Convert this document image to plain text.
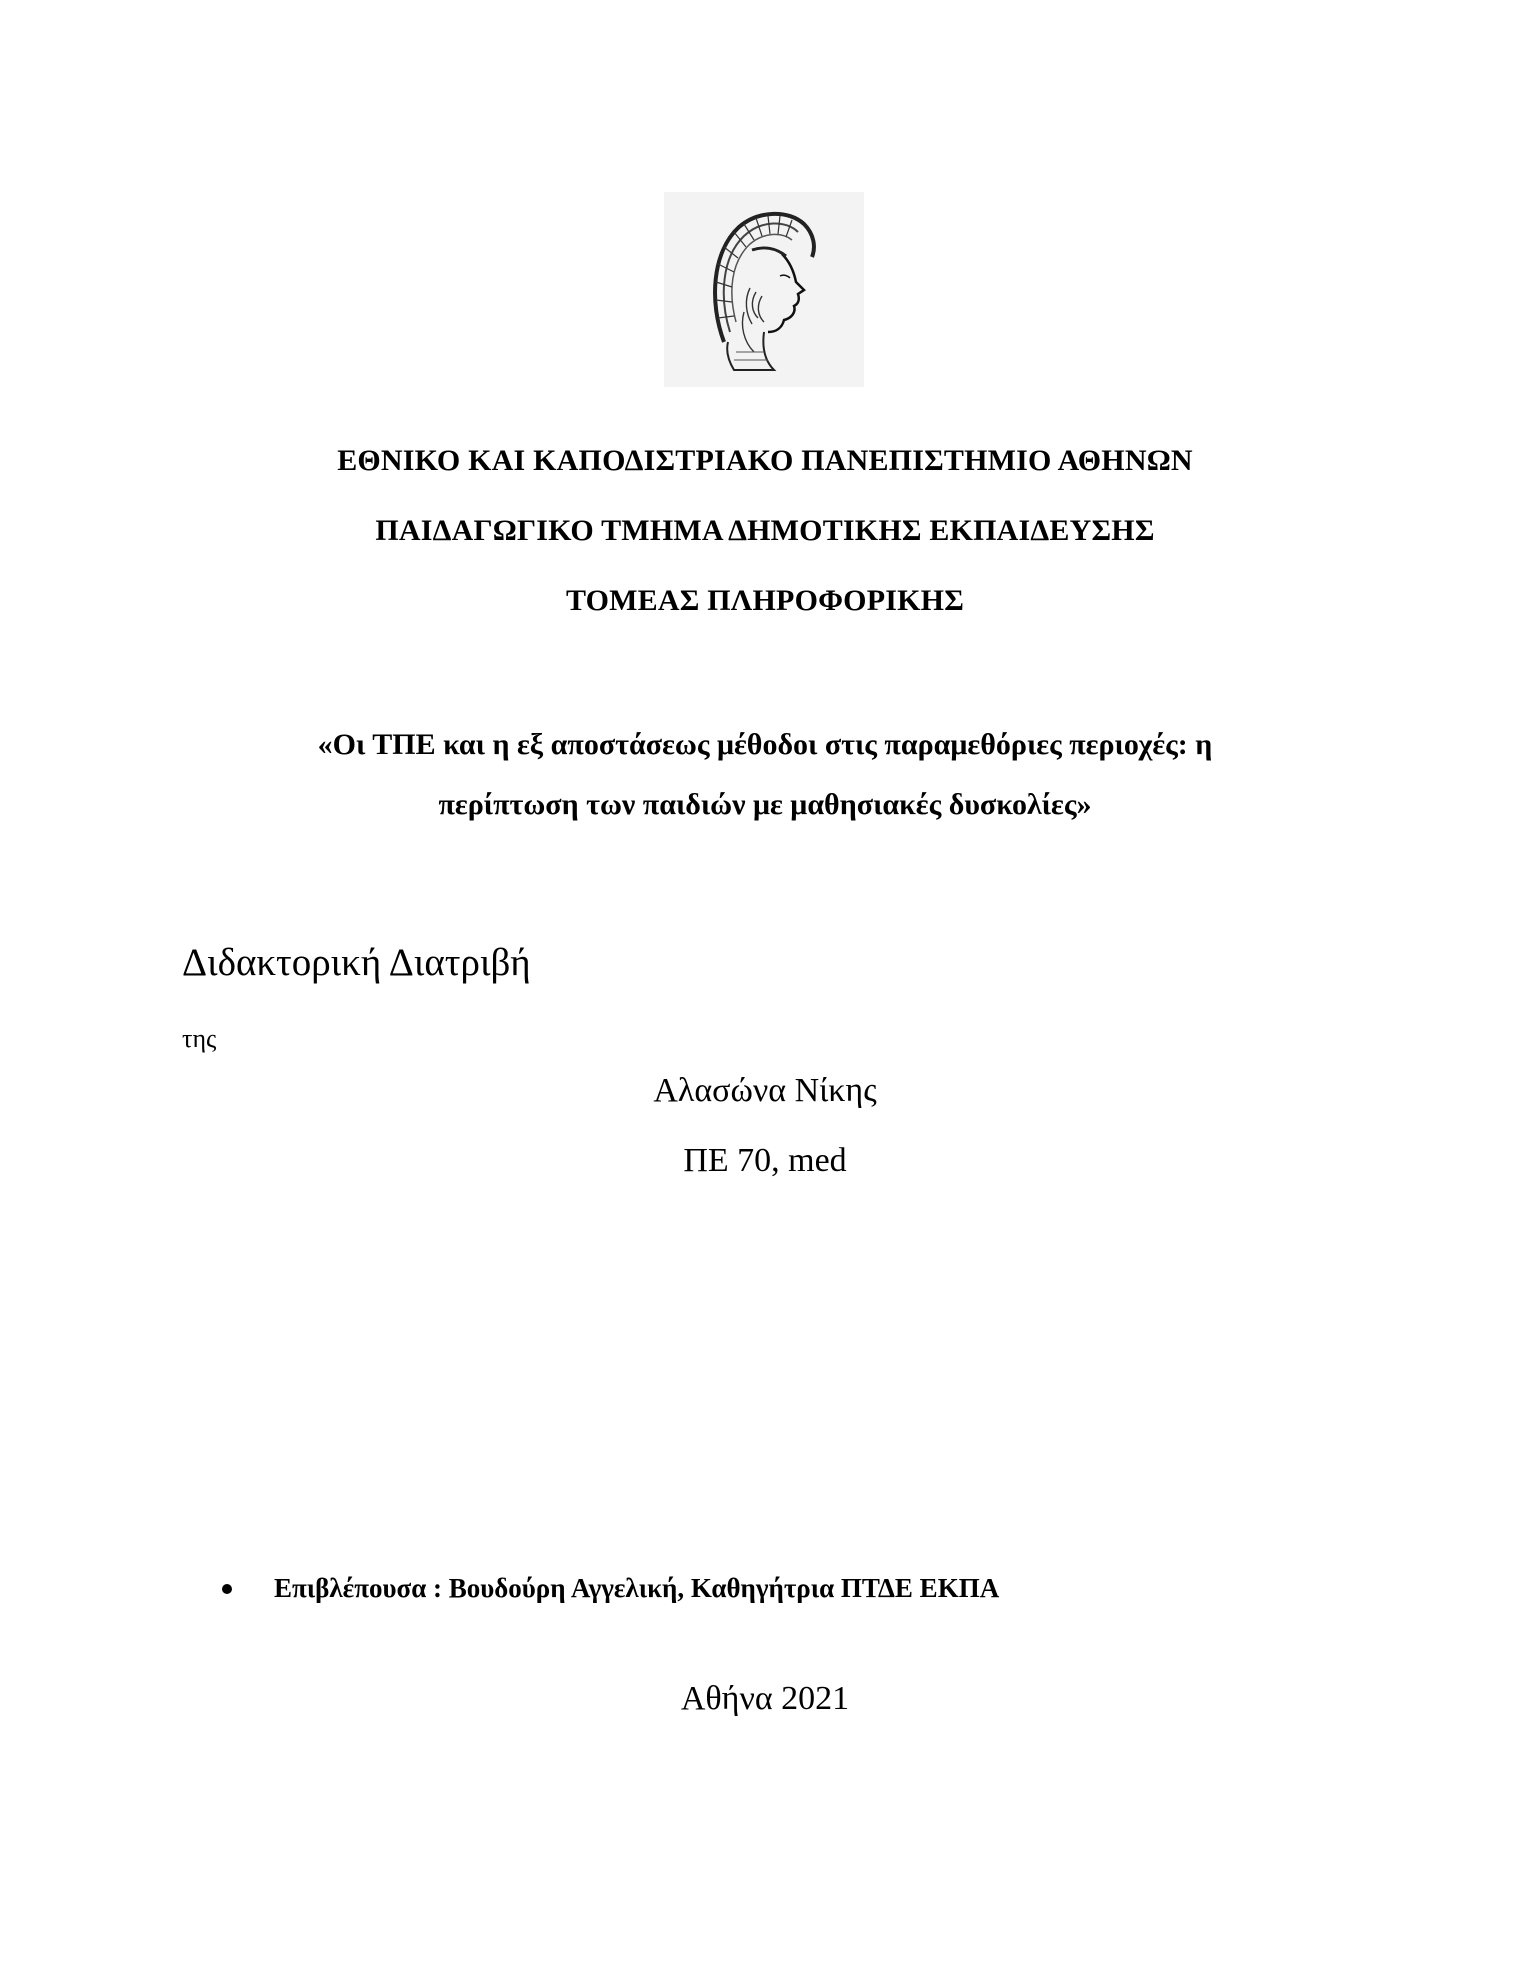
ΕΘΝΙΚΟ ΚΑΙ ΚΑΠΟΔΙΣΤΡΙΑΚΟ ΠΑΝΕΠΙΣΤΗΜΙΟ ΑΘΗΝΩΝ
ΠΑΙΔΑΓΩΓΙΚΟ ΤΜΗΜΑ ΔΗΜΟΤΙΚΗΣ ΕΚΠΑΙΔΕΥΣΗΣ
ΤΟΜΕΑΣ ΠΛΗΡΟΦΟΡΙΚΗΣ
«Οι ΤΠΕ και η εξ αποστάσεως μέθοδοι στις παραμεθόριες περιοχές: η
περίπτωση των παιδιών με μαθησιακές δυσκολίες»
Διδακτορική Διατριβή
της
Αλασώνα Νίκης
ΠΕ 70, med
Επιβλέπουσα : Βουδούρη Αγγελική, Καθηγήτρια ΠΤΔΕ ΕΚΠΑ
Αθήνα 2021
